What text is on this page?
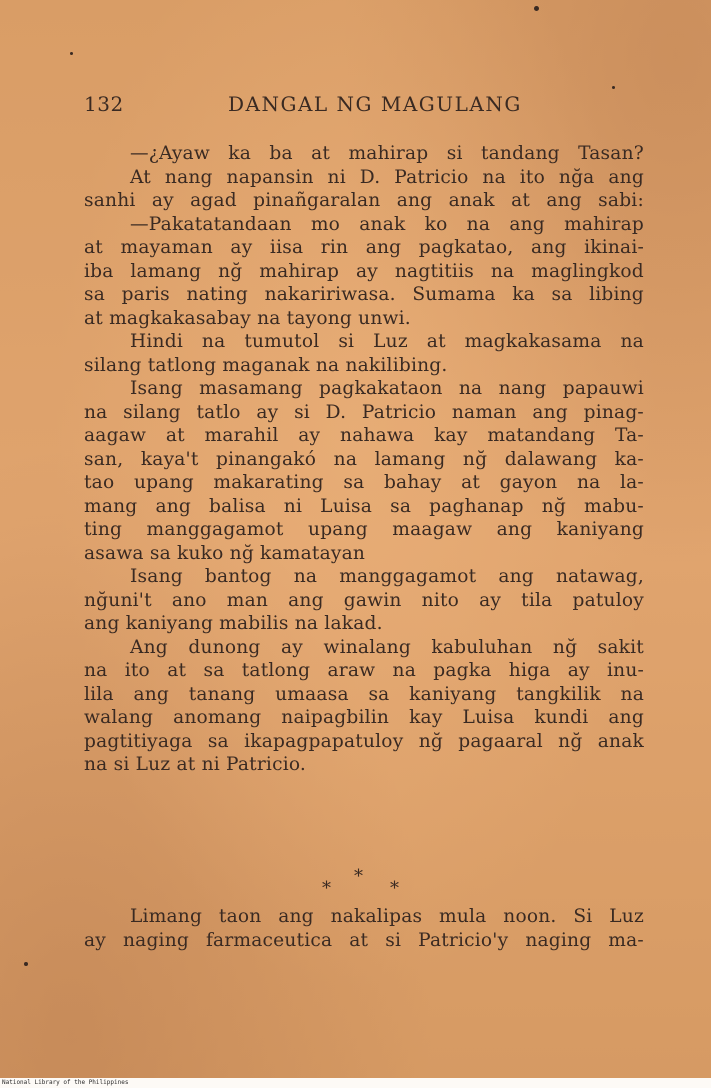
132	DANGAL NG MAGULANG
—¿Ayaw ka ba at mahirap si tandang Tasan?
At nang napansin ni D. Patricio na ito nğa ang
sanhi ay agad pinañgaralan ang anak at ang sabi:
—Pakatatandaan mo anak ko na ang mahirap
at mayaman ay iisa rin ang pagkatao, ang ikinai-
iba lamang nğ mahirap ay nagtitiis na maglingkod
sa paris nating nakaririwasa. Sumama ka sa libing
at magkakasabay na tayong unwi.
Hindi na tumutol si Luz at magkakasama na
silang tatlong maganak na nakilibing.
Isang masamang pagkakataon na nang papauwi
na silang tatlo ay si D. Patricio naman ang pinag-
aagaw at marahil ay nahawa kay matandang Ta-
san, kaya't pinangakó na lamang nğ dalawang ka-
tao upang makarating sa bahay at gayon na la-
mang ang balisa ni Luisa sa paghanap nğ mabu-
ting manggagamot upang maagaw ang kaniyang
asawa sa kuko nğ kamatayan
Isang bantog na manggagamot ang natawag,
nğuni't ano man ang gawin nito ay tila patuloy
ang kaniyang mabilis na lakad.
Ang dunong ay winalang kabuluhan nğ sakit
na ito at sa tatlong araw na pagka higa ay inu-
lila ang tanang umaasa sa kaniyang tangkilik na
walang anomang naipagbilin kay Luisa kundi ang
pagtitiyaga sa ikapagpapatuloy nğ pagaaral nğ anak
na si Luz at ni Patricio.
*
*	*
Limang taon ang nakalipas mula noon. Si Luz
ay naging farmaceutica at si Patricio'y naging ma-
National Library of the Philippines
